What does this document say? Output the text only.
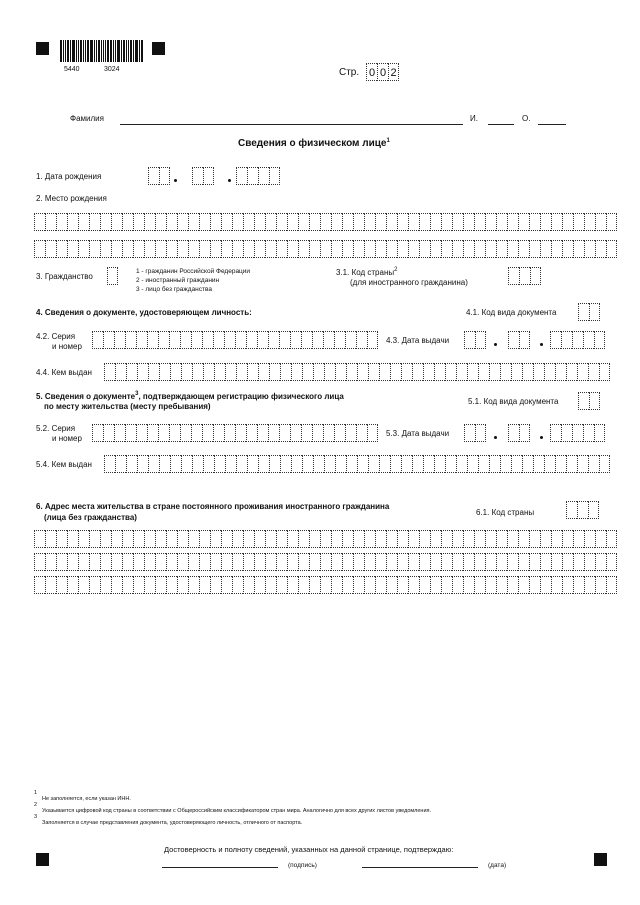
5440	3024	Стр. 0 0 2
Фамилия	И.	О.
Сведения о физическом лице$^1$
1. Дата рождения
2. Место рождения
3. Гражданство
1 - гражданин Российской Федерации
2 - иностранный гражданин
3 - лицо без гражданства
3.1. Код страны$^2$
(для иностранного гражданина)
4. Сведения о документе, удостоверяющем личность:	4.1. Код вида документа
4.2. Серия
и номер
4.3. Дата выдачи
4.4. Кем выдан
5. Сведения о документе$^3$, подтверждающем регистрацию физического лица
по месту жительства (месту пребывания)
5.1. Код вида документа
5.2. Серия
и номер
5.3. Дата выдачи
5.4. Кем выдан
6. Адрес места жительства в стране постоянного проживания иностранного гражданина
(лица без гражданства)
6.1. Код страны
1
Не заполняется, если указан ИНН.
2
Указывается цифровой код страны в соответствии с Общероссийским классификатором стран мира. Аналогично для всех других листов уведомления.
3
Заполняется в случае представления документа, удостоверяющего личность, отличного от паспорта.
Достоверность и полноту сведений, указанных на данной странице, подтверждаю:
(подпись)	(дата)
